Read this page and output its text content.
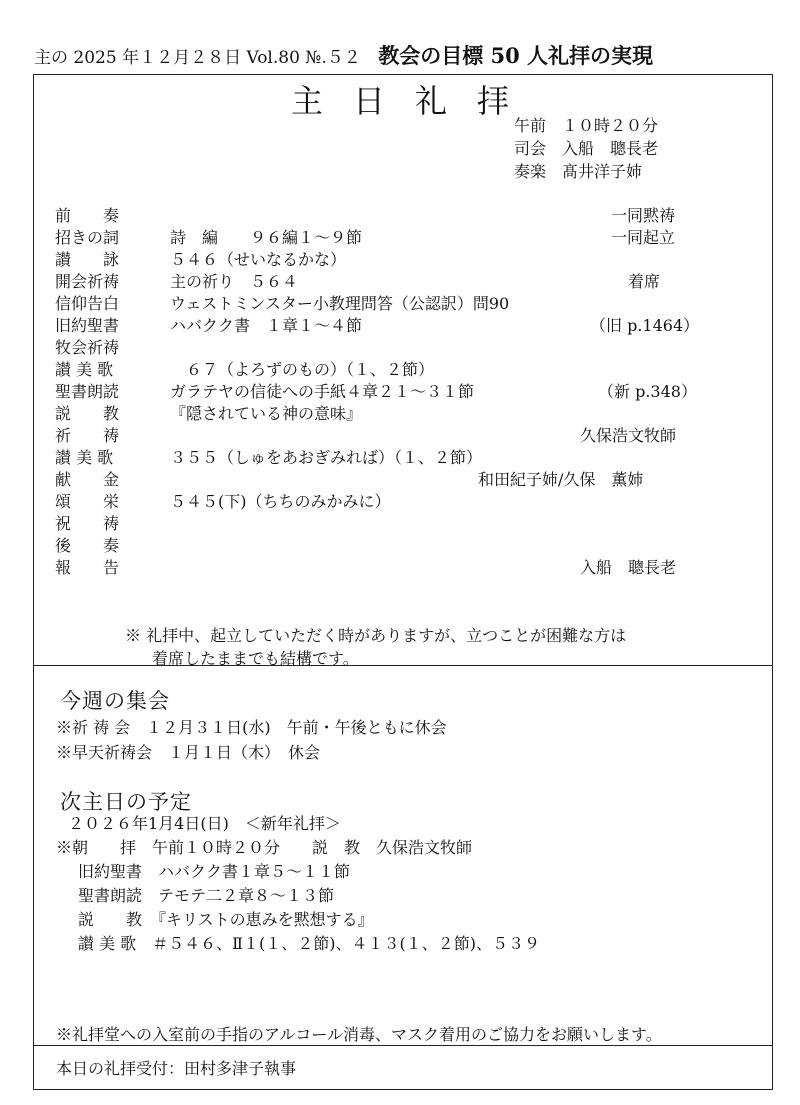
主の 2025 年１２月２８日 Vol.80 №.５２ 教会の目標 50 人礼拝の実現
主日礼拝
午前　１０時２０分
司会　入船　聰長老
奏楽　髙井洋子姉
前　　奏	一同黙祷
招きの詞	詩　編　　９６編１～９節	一同起立
讃　　詠	５４６（せいなるかな）
開会祈祷	主の祈り　５６４	着席
信仰告白	ウェストミンスター小教理問答（公認訳）問90
旧約聖書	ハバクク書　１章１～４節	（旧 p.1464）
牧会祈祷
讃 美 歌	　６７（よろずのもの）（１、２節）
聖書朗読	ガラテヤの信徒への手紙４章２１～３１節	（新 p.348）
説　　教	『隠されている神の意味』
祈　　祷	久保浩文牧師
讃 美 歌	３５５（しゅをあおぎみれば）（１、２節）
献　　金	和田紀子姉/久保　薫姉
頌　　栄	５４５(下)（ちちのみかみに）
祝　　祷
後　　奏
報　　告	入船　聰長老
※ 礼拝中、起立していただく時がありますが、立つことが困難な方は
着席したままでも結構です。
今週の集会
※祈 祷 会　１２月３１日(水)　午前・午後ともに休会
※早天祈祷会　１月１日（木）　休会
次主日の予定
２０２６年1月4日(日)　＜新年礼拝＞
※朝　　拝　午前１０時２０分　　説　教　久保浩文牧師
旧約聖書　ハバクク書１章５～１１節
聖書朗読　テモテ二２章８～１３節
説　　教　『キリストの恵みを黙想する』
讃 美 歌　＃５４６、Ⅱ１(１、２節)、４１３(１、２節)、５３９
※礼拝堂への入室前の手指のアルコール消毒、マスク着用のご協力をお願いします。
本日の礼拝受付：田村多津子執事
